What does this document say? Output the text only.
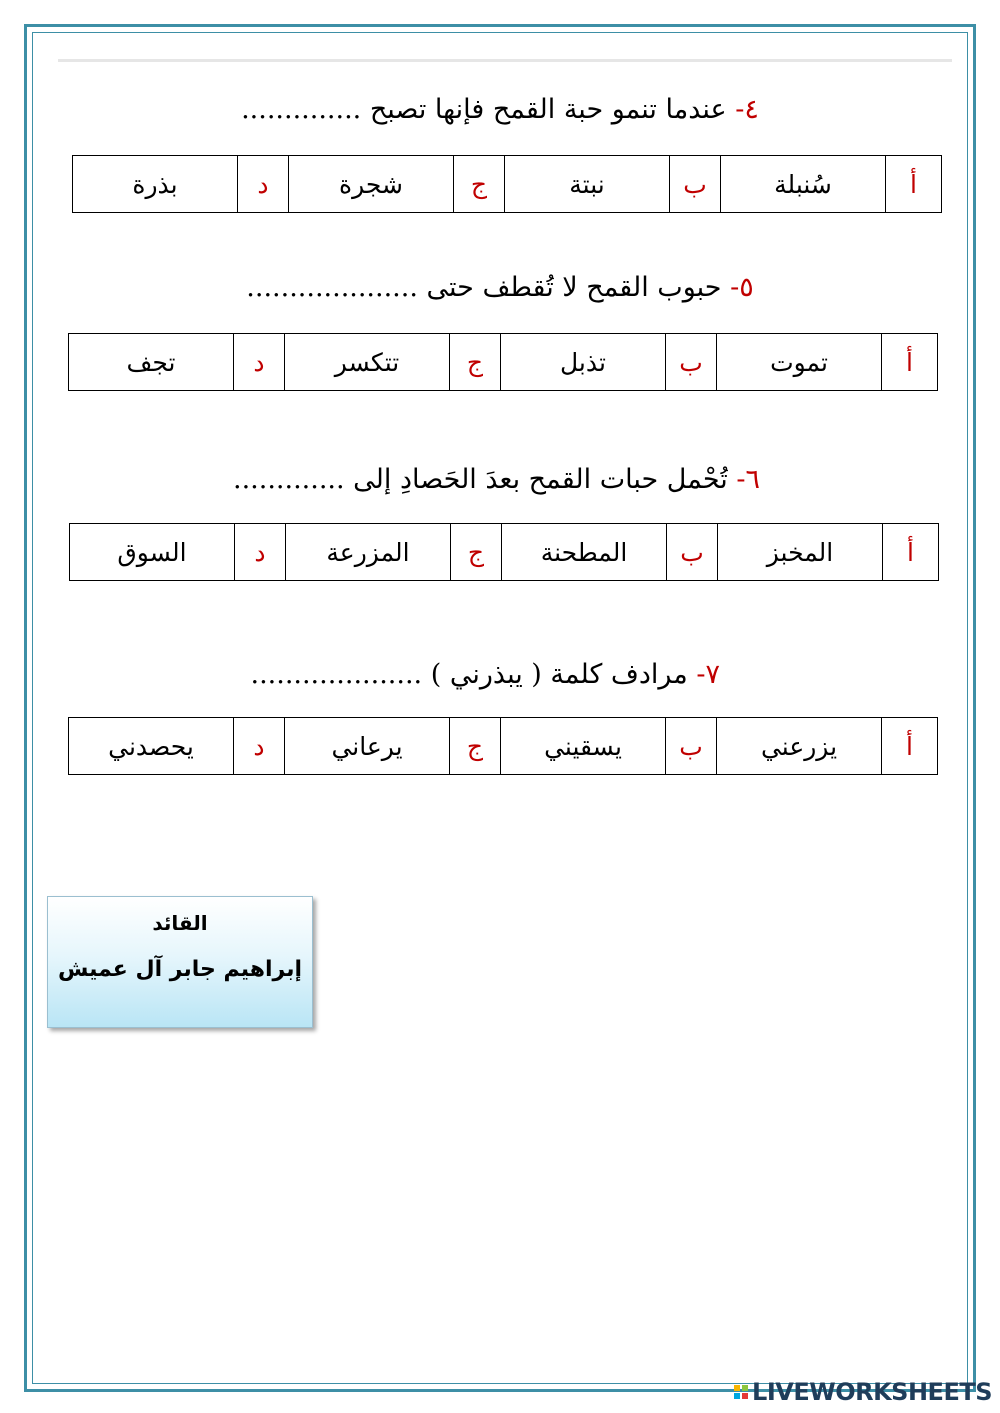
٤- عندما تنمو حبة القمح فإنها تصبح ..............
أ	سُنبلة	ب	نبتة	ج	شجرة	د	بذرة
٥- حبوب القمح لا تُقطف حتى ....................
أ	تموت	ب	تذبل	ج	تتكسر	د	تجف
٦- تُحْمل حبات القمح بعدَ الحَصادِ إلى .............
أ	المخبز	ب	المطحنة	ج	المزرعة	د	السوق
٧- مرادف كلمة ( يبذرني ) ....................
أ	يزرعني	ب	يسقيني	ج	يرعاني	د	يحصدني
القائد
إبراهيم جابر آل عميش
LIVEWORKSHEETS
